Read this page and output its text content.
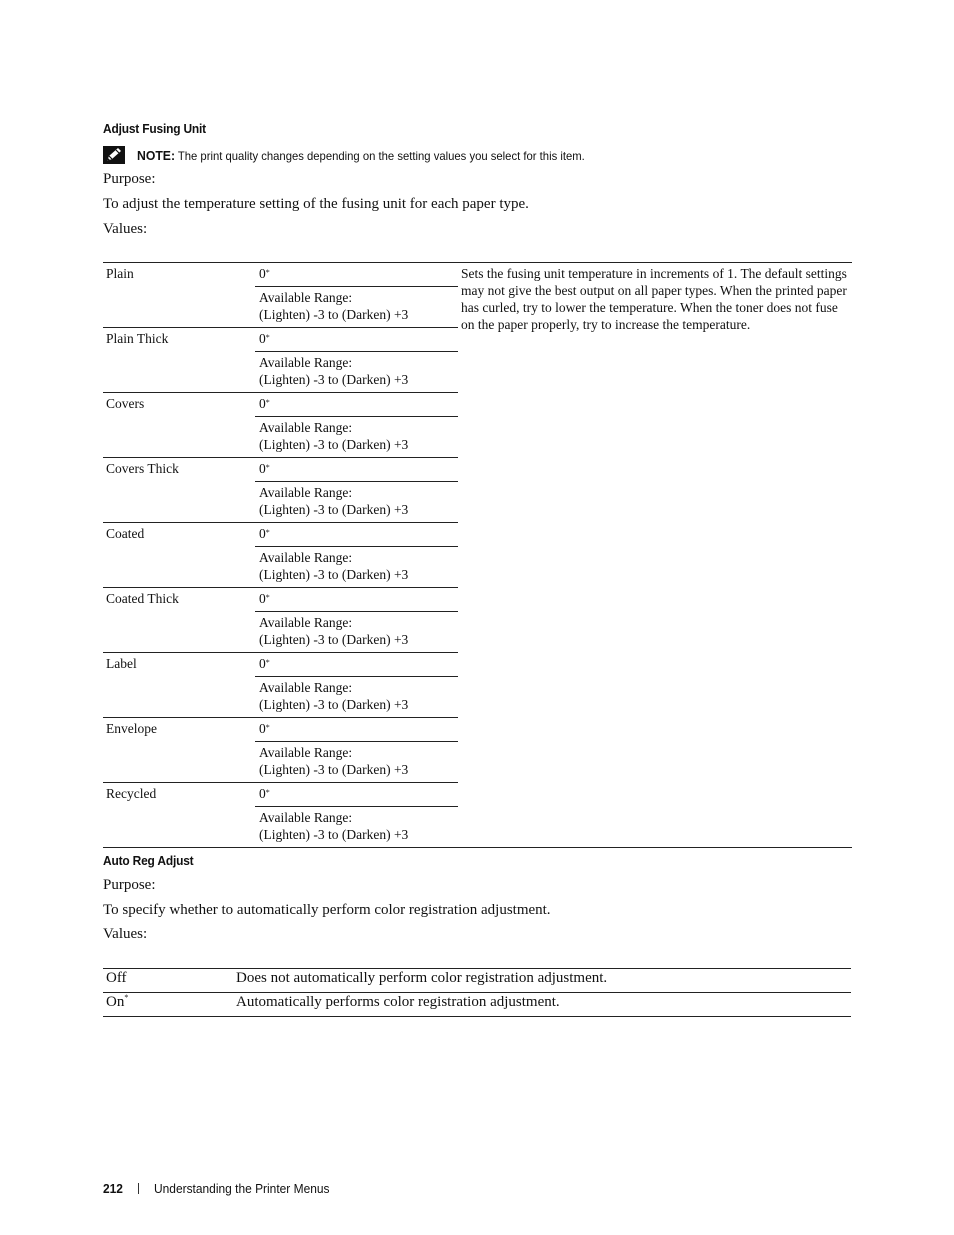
Adjust Fusing Unit
NOTE: The print quality changes depending on the setting values you select for this item.
Purpose:
To adjust the temperature setting of the fusing unit for each paper type.
Values:
Plain	0*	Sets the fusing unit temperature in increments of 1. The default settings may not give the best output on all paper types. When the printed paper has curled, try to lower the temperature. When the toner does not fuse on the paper properly, try to increase the temperature.

	Available Range:
(Lighten) -3 to (Darken) +3	

Plain Thick	0*

	Available Range:
(Lighten) -3 to (Darken) +3	

Covers	0*

	Available Range:
(Lighten) -3 to (Darken) +3	

Covers Thick	0*

	Available Range:
(Lighten) -3 to (Darken) +3	

Coated	0*

	Available Range:
(Lighten) -3 to (Darken) +3	

Coated Thick	0*

	Available Range:
(Lighten) -3 to (Darken) +3	

Label	0*

	Available Range:
(Lighten) -3 to (Darken) +3	

Envelope	0*

	Available Range:
(Lighten) -3 to (Darken) +3	

Recycled	0*

	Available Range:
(Lighten) -3 to (Darken) +3	
Auto Reg Adjust
Purpose:
To specify whether to automatically perform color registration adjustment.
Values:
Off	Does not automatically perform color registration adjustment.
On*	Automatically performs color registration adjustment.
212 Understanding the Printer Menus
